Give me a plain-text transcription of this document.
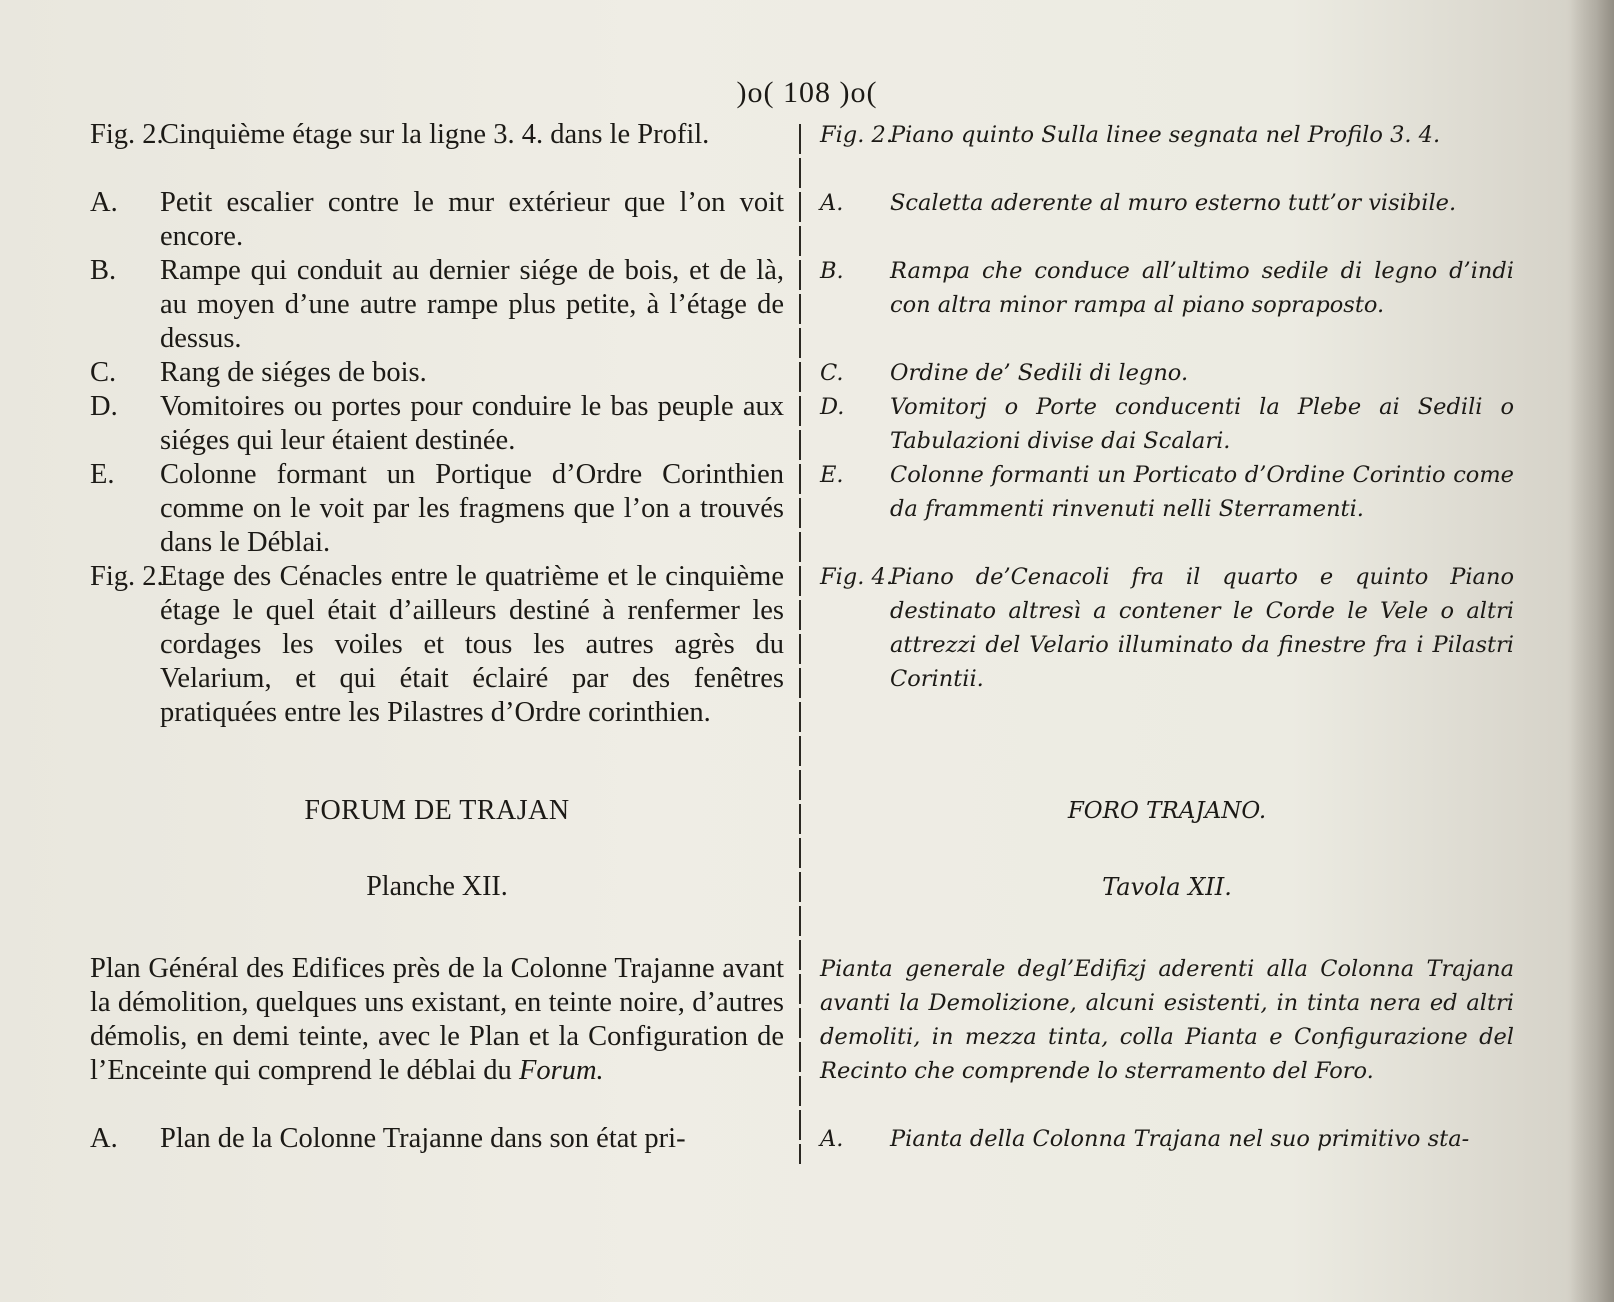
)o( 108 )o(
Fig. 2.
Cinquième étage sur la ligne 3. 4. dans le Profil.
A. Petit escalier contre le mur extérieur que l’on voit encore.
B. Rampe qui conduit au dernier siége de bois, et de là, au moyen d’une autre rampe plus petite, à l’étage de dessus.
C. Rang de siéges de bois.
D. Vomitoires ou portes pour conduire le bas peuple aux siéges qui leur étaient destinée.
E. Colonne formant un Portique d’Ordre Corinthien comme on le voit par les fragmens que l’on a trouvés dans le Déblai.
Fig. 2.
Etage des Cénacles entre le quatrième et le cinquième étage le quel était d’ailleurs destiné à renfermer les cordages les voiles et tous les autres agrès du Velarium, et qui était éclairé par des fenêtres pratiquées entre les Pilastres d’Ordre corinthien.
FORUM DE TRAJAN
Planche XII.
Plan Général des Edifices près de la Colonne Trajanne avant la démolition, quelques uns existant, en teinte noire, d’autres démolis, en demi teinte, avec le Plan et la Configuration de l’Enceinte qui comprend le déblai du Forum.
A. Plan de la Colonne Trajanne dans son état pri-
Fig. 2.
Piano quinto Sulla linee segnata nel Profilo 3. 4.
A. Scaletta aderente al muro esterno tutt’or visibile.
B. Rampa che conduce all’ultimo sedile di legno d’indi con altra minor rampa al piano sopraposto.
C. Ordine de’ Sedili di legno.
D. Vomitorj o Porte conducenti la Plebe ai Sedili o Tabulazioni divise dai Scalari.
E. Colonne formanti un Porticato d’Ordine Corintio come da frammenti rinvenuti nelli Sterramenti.
Fig. 4.
Piano de’Cenacoli fra il quarto e quinto Piano destinato altresì a contener le Corde le Vele o altri attrezzi del Velario illuminato da finestre fra i Pilastri Corintii.
FORO TRAJANO.
Tavola XII.
Pianta generale degl’Edifizj aderenti alla Colonna Trajana avanti la Demolizione, alcuni esistenti, in tinta nera ed altri demoliti, in mezza tinta, colla Pianta e Configurazione del Recinto che comprende lo sterramento del Foro.
A. Pianta della Colonna Trajana nel suo primitivo sta-
